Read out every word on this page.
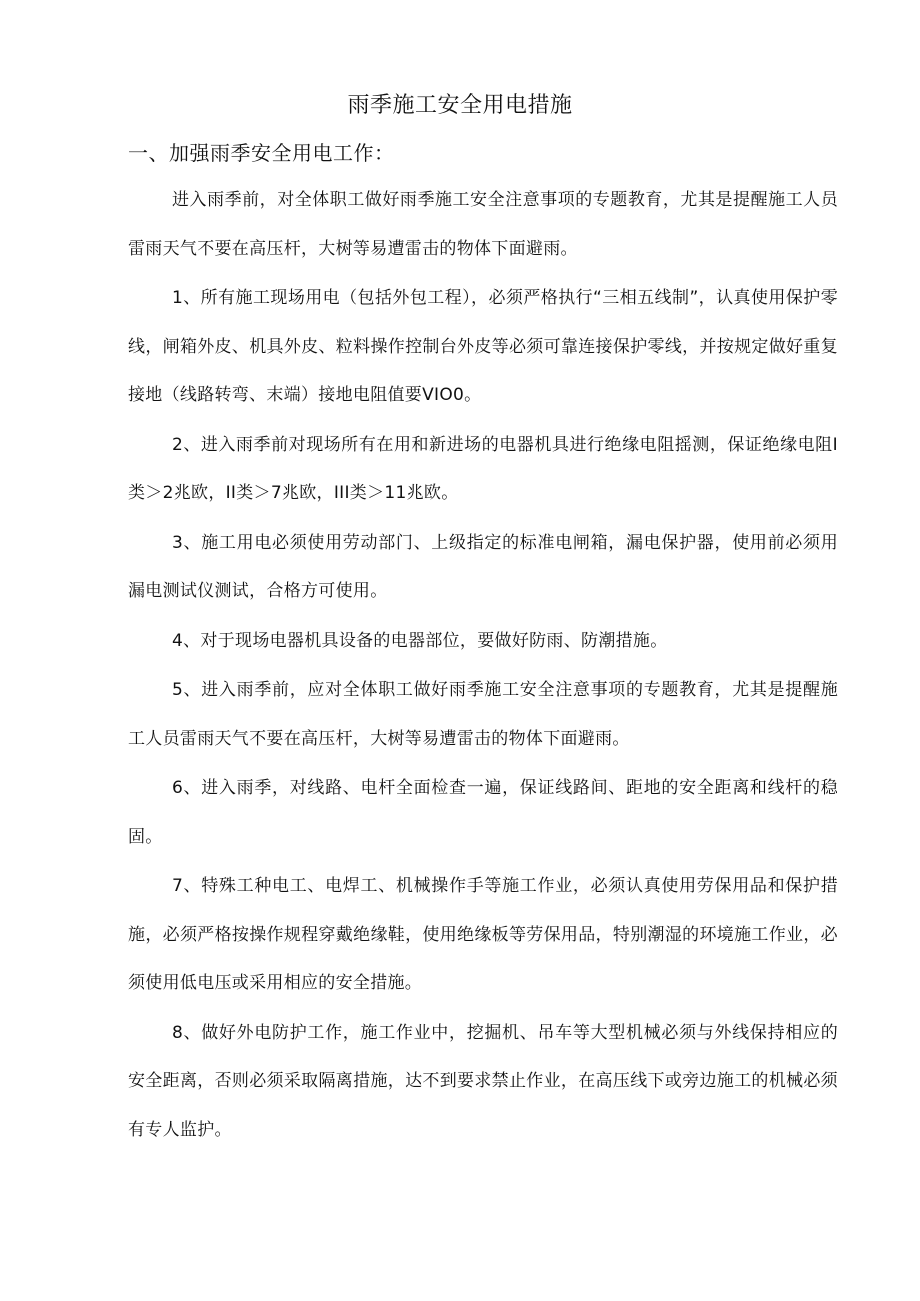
雨季施工安全用电措施
一、加强雨季安全用电工作：

进入雨季前，对全体职工做好雨季施工安全注意事项的专题教育，尤其是提醒施工人员雷雨天气不要在高压杆，大树等易遭雷击的物体下面避雨。

1、所有施工现场用电（包括外包工程），必须严格执行“三相五线制”，认真使用保护零线，闸箱外皮、机具外皮、粒料操作控制台外皮等必须可靠连接保护零线，并按规定做好重复接地（线路转弯、末端）接地电阻值要VIO0。

2、进入雨季前对现场所有在用和新进场的电器机具进行绝缘电阻摇测，保证绝缘电阻I类＞2兆欧，II类＞7兆欧，III类＞11兆欧。

3、施工用电必须使用劳动部门、上级指定的标准电闸箱，漏电保护器，使用前必须用漏电测试仪测试，合格方可使用。

4、对于现场电器机具设备的电器部位，要做好防雨、防潮措施。

5、进入雨季前，应对全体职工做好雨季施工安全注意事项的专题教育，尤其是提醒施工人员雷雨天气不要在高压杆，大树等易遭雷击的物体下面避雨。

6、进入雨季，对线路、电杆全面检查一遍，保证线路间、距地的安全距离和线杆的稳固。

7、特殊工种电工、电焊工、机械操作手等施工作业，必须认真使用劳保用品和保护措施，必须严格按操作规程穿戴绝缘鞋，使用绝缘板等劳保用品，特别潮湿的环境施工作业，必须使用低电压或采用相应的安全措施。

8、做好外电防护工作，施工作业中，挖掘机、吊车等大型机械必须与外线保持相应的安全距离，否则必须采取隔离措施，达不到要求禁止作业，在高压线下或旁边施工的机械必须有专人监护。
